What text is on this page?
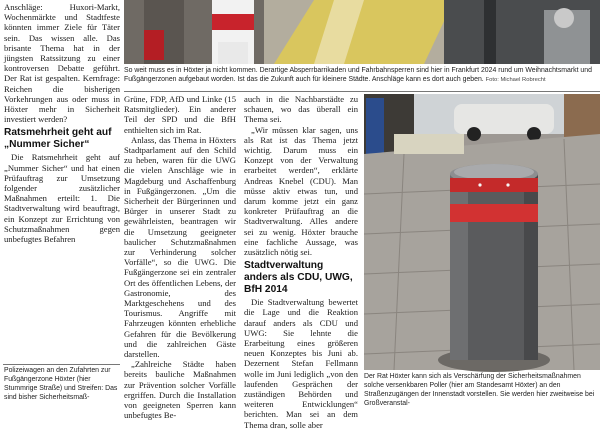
Anschläge: Huxori-Markt, Wochenmärkte und Stadtfeste könnten immer Ziele für Täter sein. Das wissen alle. Das brisante Thema hat in der jüngsten Ratssitzung zu einer kontroversen Debatte geführt. Der Rat ist gespalten. Kernfrage: Reichen die bisherigen Vorkehrungen aus oder muss in Höxter mehr in Sicherheit investiert werden?

Ratsmehrheit geht auf „Nummer Sicher“

Die Ratsmehrheit geht auf „Nummer Sicher“ und hat einen Prüfauftrag zur Umsetzung folgender zusätzlicher Maßnahmen erteilt: 1. Die Stadtverwaltung wird beauftragt, ein Konzept zur Errichtung von Schutzmaßnahmen gegen unbefugtes Befahren

Polizeiwagen an den Zufahrten zur Fußgängerzone Höxter (hier Stummrige Straße) und Streifen: Das sind bisher Sicherheitsmaß-
So weit muss es in Höxter ja nicht kommen. Derartige Absperrbarrikaden und Fahrbahnsperren sind hier in Frankfurt 2024 rund um Weihnachtsmarkt und Fußgängerzonen aufgebaut worden. Ist das die Zukunft auch für kleinere Städte. Anschläge kann es dort auch geben. Foto: Michael Robrecht

Grüne, FDP, AfD und Linke (15 Ratsmitglieder). Ein anderer Teil der SPD und die BfH enthielten sich im Rat.

Anlass, das Thema in Höxters Stadtparlament auf den Schild zu heben, waren für die UWG die vielen Anschläge wie in Magdeburg und Aschaffenburg in Fußgängerzonen. „Um die Sicherheit der Bürgerinnen und Bürger in unserer Stadt zu gewährleisten, beantragen wir die Umsetzung geeigneter baulicher Schutzmaßnahmen zur Verhinderung solcher Vorfälle“, so die UWG. Die Fußgängerzone sei ein zentraler Ort des öffentlichen Lebens, der Gastronomie, des Marktgeschehens und des Tourismus. Angriffe mit Fahrzeugen könnten erhebliche Gefahren für die Bevölkerung und die zahlreichen Gäste darstellen.

„Zahlreiche Städte haben bereits bauliche Maßnahmen zur Prävention solcher Vorfälle ergriffen. Durch die Installation von geeigneten Sperren kann unbefugtes Be-

auch in die Nachbarstädte zu schauen, wo das überall ein Thema sei.

„Wir müssen klar sagen, uns als Rat ist das Thema jetzt wichtig. Darum muss ein Konzept von der Verwaltung erarbeitet werden“, erklärte Andreas Knebel (CDU). Man müsse aktiv etwas tun, und darum komme jetzt ein ganz konkreter Prüfauftrag an die Stadtverwaltung. Alles andere sei zu wenig. Höxter brauche eine fachliche Aussage, was zusätzlich nötig sei.

Stadtverwaltung anders als CDU, UWG, BfH 2014

Die Stadtverwaltung bewertet die Lage und die Reaktion darauf anders als CDU und UWG: Sie lehnte die Erarbeitung eines größeren neuen Konzeptes bis Juni ab. Dezernent Stefan Fellmann wolle im Juni lediglich „von den laufenden Gesprächen der zuständigen Behörden und weiteren Entwicklungen“ berichten. Man sei an dem Thema dran, solle aber

Der Rat Höxter kann sich als Verschärfung der Sicherheitsmaßnahmen solche versenkbaren Poller (hier am Standesamt Höxter) an den Straßenzugängen der Innenstadt vorstellen. Sie werden hier zweitweise bei Großveranstal-
